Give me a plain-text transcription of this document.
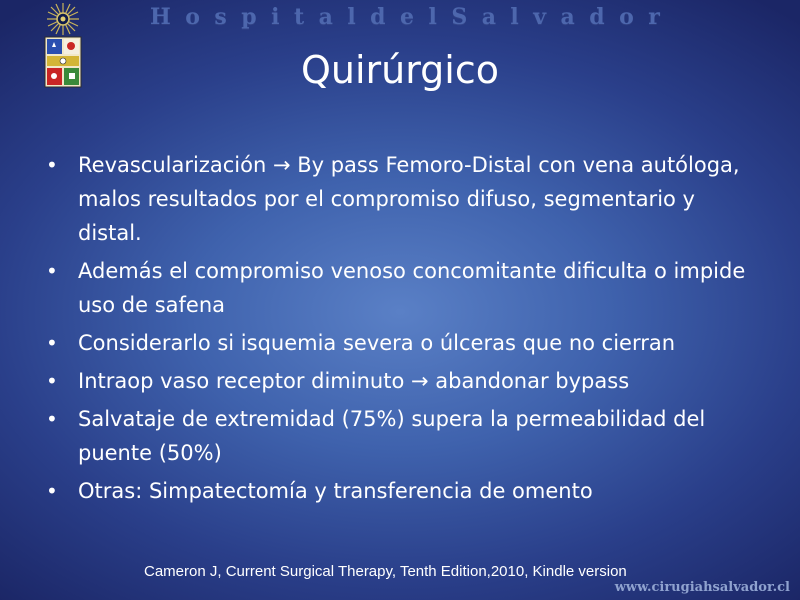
H o s p i t a l d e l S a l v a d o r
Quirúrgico
• Revascularización → By pass Femoro-Distal con vena autóloga, malos resultados por el compromiso difuso, segmentario y distal.
• Además el compromiso venoso concomitante dificulta o impide uso de safena
• Considerarlo si isquemia severa o úlceras que no cierran
• Intraop vaso receptor diminuto → abandonar bypass
• Salvataje de extremidad (75%) supera la permeabilidad del puente (50%)
• Otras: Simpatectomía y transferencia de omento
Cameron J, Current Surgical Therapy, Tenth Edition,2010, Kindle version
www.cirugiahsalvador.cl
